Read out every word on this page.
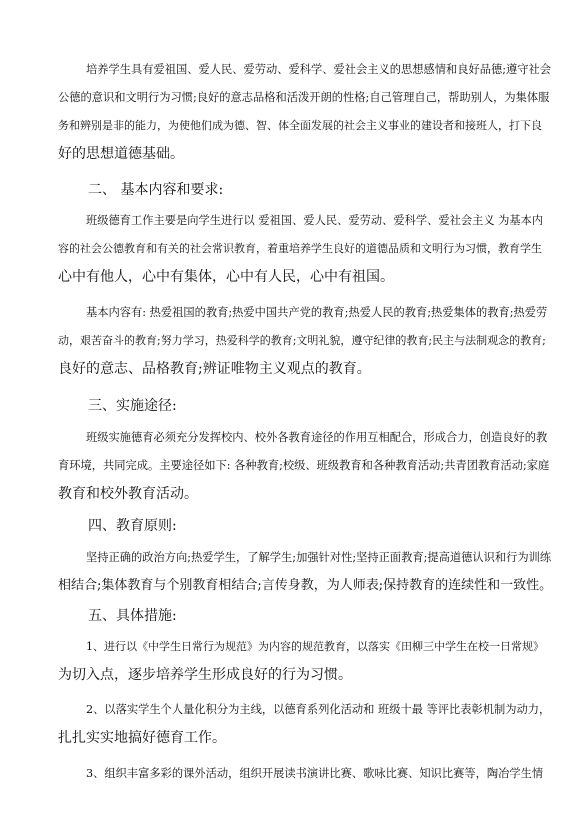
培养学生具有爱祖国、爱人民、爱劳动、爱科学、爱社会主义的思想感情和良好品德;遵守社会
公德的意识和文明行为习惯;良好的意志品格和活泼开朗的性格;自己管理自己，帮助别人，为集体服
务和辨别是非的能力，为使他们成为德、智、体全面发展的社会主义事业的建设者和接班人，打下良
好的思想道德基础。

二、 基本内容和要求:

班级德育工作主要是向学生进行以 爱祖国、爱人民、爱劳动、爱科学、爱社会主义 为基本内
容的社会公德教育和有关的社会常识教育，着重培养学生良好的道德品质和文明行为习惯，教育学生
心中有他人，心中有集体，心中有人民，心中有祖国。
基本内容有: 热爱祖国的教育;热爱中国共产党的教育;热爱人民的教育;热爱集体的教育;热爱劳
动，艰苦奋斗的教育;努力学习，热爱科学的教育;文明礼貌，遵守纪律的教育;民主与法制观念的教育;
良好的意志、品格教育;辨证唯物主义观点的教育。

三、实施途径:

班级实施德育必须充分发挥校内、校外各教育途径的作用互相配合，形成合力，创造良好的教
育环境，共同完成。主要途径如下: 各种教育;校级、班级教育和各种教育活动;共青团教育活动;家庭
教育和校外教育活动。

四、教育原则:

坚持正确的政治方向;热爱学生，了解学生;加强针对性;坚持正面教育;提高道德认识和行为训练
相结合;集体教育与个别教育相结合;言传身教，为人师表;保持教育的连续性和一致性。

五、具体措施:

1、进行以《中学生日常行为规范》为内容的规范教育，以落实《田柳三中学生在校一日常规》
为切入点，逐步培养学生形成良好的行为习惯。
2、以落实学生个人量化积分为主线，以德育系列化活动和 班级十最 等评比表彰机制为动力，
扎扎实实地搞好德育工作。
3、组织丰富多彩的课外活动，组织开展读书演讲比赛、歌咏比赛、知识比赛等，陶冶学生情
